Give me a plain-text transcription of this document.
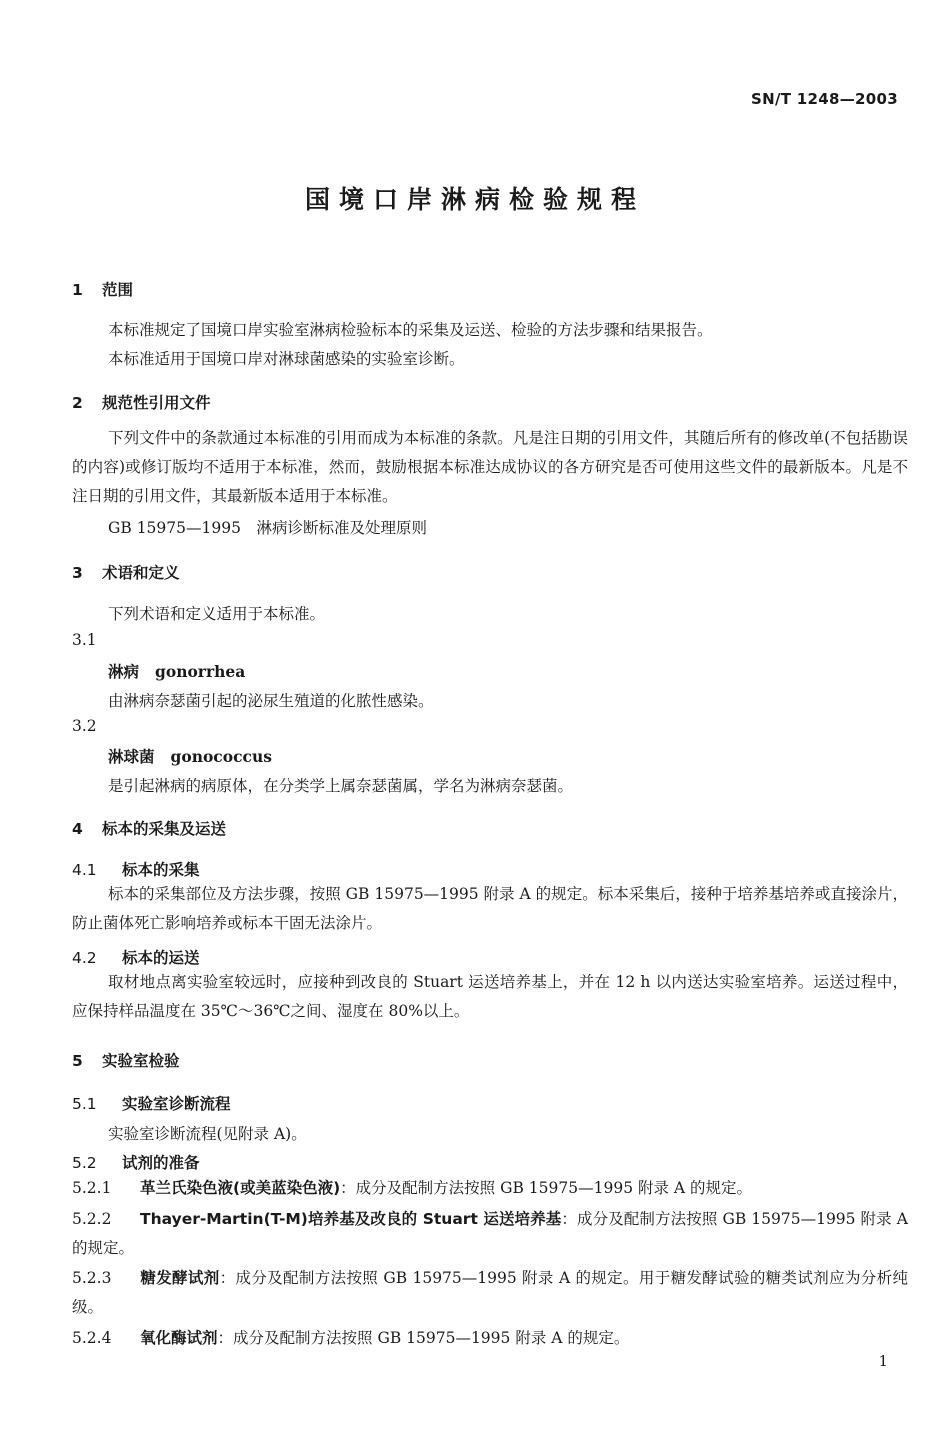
SN/T 1248—2003
国境口岸淋病检验规程
1 范围
本标准规定了国境口岸实验室淋病检验标本的采集及运送、检验的方法步骤和结果报告。
本标准适用于国境口岸对淋球菌感染的实验室诊断。
2 规范性引用文件
下列文件中的条款通过本标准的引用而成为本标准的条款。凡是注日期的引用文件，其随后所有的修改单(不包括勘误的内容)或修订版均不适用于本标准，然而，鼓励根据本标准达成协议的各方研究是否可使用这些文件的最新版本。凡是不注日期的引用文件，其最新版本适用于本标准。
GB 15975—1995　淋病诊断标准及处理原则
3 术语和定义
下列术语和定义适用于本标准。
3.1
淋病 gonorrhea
由淋病奈瑟菌引起的泌尿生殖道的化脓性感染。
3.2
淋球菌 gonococcus
是引起淋病的病原体，在分类学上属奈瑟菌属，学名为淋病奈瑟菌。
4 标本的采集及运送
4.1 标本的采集
标本的采集部位及方法步骤，按照 GB 15975—1995 附录 A 的规定。标本采集后，接种于培养基培养或直接涂片，防止菌体死亡影响培养或标本干固无法涂片。
4.2 标本的运送
取材地点离实验室较远时，应接种到改良的 Stuart 运送培养基上，并在 12 h 以内送达实验室培养。运送过程中，应保持样品温度在 35℃～36℃之间、湿度在 80%以上。
5 实验室检验
5.1 实验室诊断流程
实验室诊断流程(见附录 A)。
5.2 试剂的准备
5.2.1 革兰氏染色液(或美蓝染色液)：成分及配制方法按照 GB 15975—1995 附录 A 的规定。
5.2.2 Thayer-Martin(T-M)培养基及改良的 Stuart 运送培养基：成分及配制方法按照 GB 15975—1995 附录 A 的规定。
5.2.3 糖发酵试剂：成分及配制方法按照 GB 15975—1995 附录 A 的规定。用于糖发酵试验的糖类试剂应为分析纯级。
5.2.4 氧化酶试剂：成分及配制方法按照 GB 15975—1995 附录 A 的规定。
1
